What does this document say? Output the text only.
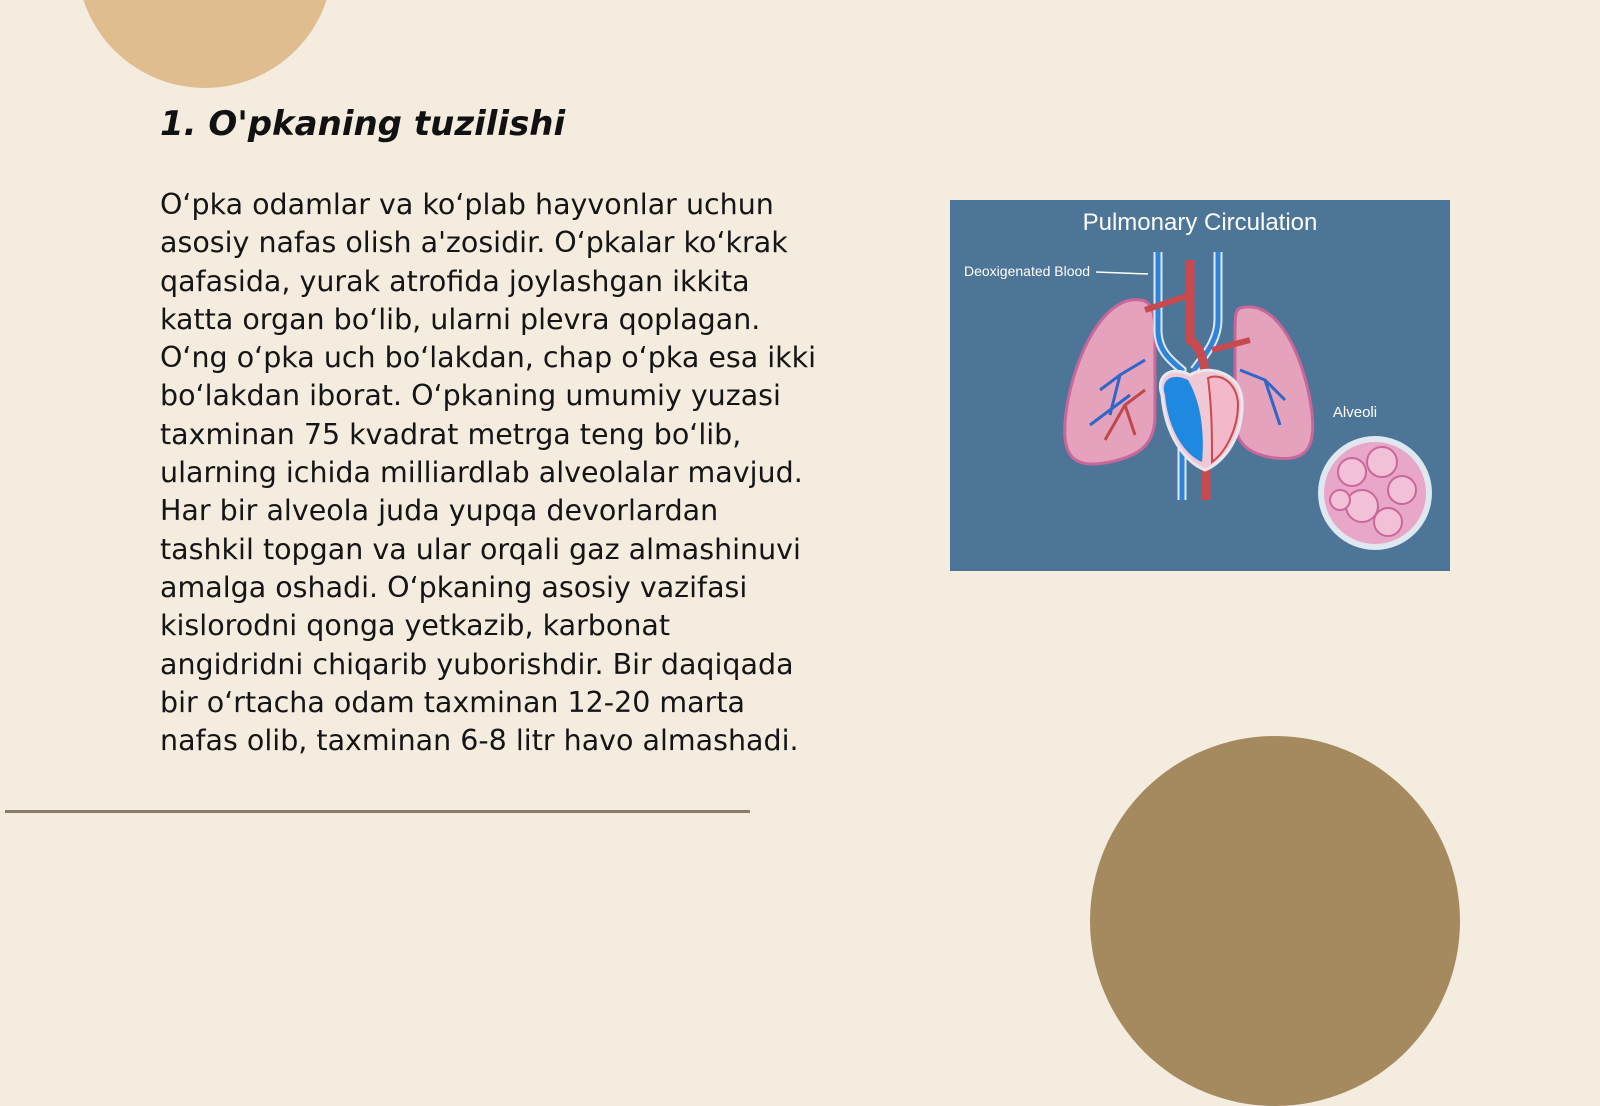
1. O'pkaning tuzilishi
O‘pka odamlar va ko‘plab hayvonlar uchun
asosiy nafas olish a'zosidir. O‘pkalar ko‘krak
qafasida, yurak atrofida joylashgan ikkita
katta organ bo‘lib, ularni plevra qoplagan.
O‘ng o‘pka uch bo‘lakdan, chap o‘pka esa ikki
bo‘lakdan iborat. O‘pkaning umumiy yuzasi
taxminan 75 kvadrat metrga teng bo‘lib,
ularning ichida milliardlab alveolalar mavjud.
Har bir alveola juda yupqa devorlardan
tashkil topgan va ular orqali gaz almashinuvi
amalga oshadi. O‘pkaning asosiy vazifasi
kislorodni qonga yetkazib, karbonat
angidridni chiqarib yuborishdir. Bir daqiqada
bir o‘rtacha odam taxminan 12-20 marta
nafas olib, taxminan 6-8 litr havo almashadi.
Pulmonary Circulation
Deoxigenated Blood
Alveoli
